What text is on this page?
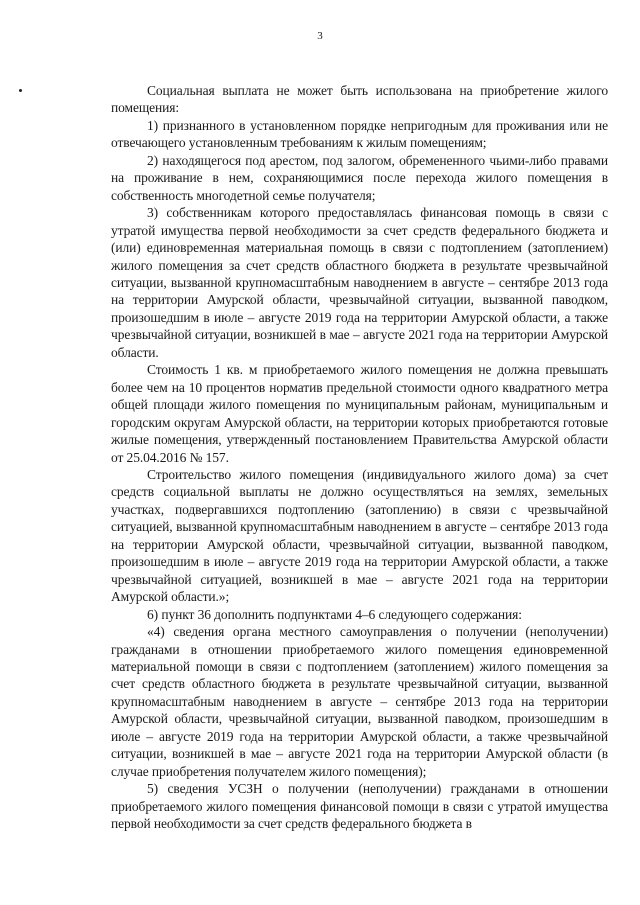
3

Социальная выплата не может быть использована на приобретение жилого помещения:

1) признанного в установленном порядке непригодным для проживания или не отвечающего установленным требованиям к жилым помещениям;

2) находящегося под арестом, под залогом, обремененного чьими-либо правами на проживание в нем, сохраняющимися после перехода жилого помещения в собственность многодетной семье получателя;

3) собственникам которого предоставлялась финансовая помощь в связи с утратой имущества первой необходимости за счет средств федерального бюджета и (или) единовременная материальная помощь в связи с подтоплением (затоплением) жилого помещения за счет средств областного бюджета в результате чрезвычайной ситуации, вызванной крупномасштабным наводнением в августе – сентябре 2013 года на территории Амурской области, чрезвычайной ситуации, вызванной паводком, произошедшим в июле – августе 2019 года на территории Амурской области, а также чрезвычайной ситуации, возникшей в мае – августе 2021 года на территории Амурской области.

Стоимость 1 кв. м приобретаемого жилого помещения не должна превышать более чем на 10 процентов норматив предельной стоимости одного квадратного метра общей площади жилого помещения по муниципальным районам, муниципальным и городским округам Амурской области, на территории которых приобретаются готовые жилые помещения, утвержденный постановлением Правительства Амурской области от 25.04.2016 № 157.

Строительство жилого помещения (индивидуального жилого дома) за счет средств социальной выплаты не должно осуществляться на землях, земельных участках, подвергавшихся подтоплению (затоплению) в связи с чрезвычайной ситуацией, вызванной крупномасштабным наводнением в августе – сентябре 2013 года на территории Амурской области, чрезвычайной ситуации, вызванной паводком, произошедшим в июле – августе 2019 года на территории Амурской области, а также чрезвычайной ситуацией, возникшей в мае – августе 2021 года на территории Амурской области.»;

6) пункт 36 дополнить подпунктами 4–6 следующего содержания:

«4) сведения органа местного самоуправления о получении (неполучении) гражданами в отношении приобретаемого жилого помещения единовременной материальной помощи в связи с подтоплением (затоплением) жилого помещения за счет средств областного бюджета в результате чрезвычайной ситуации, вызванной крупномасштабным наводнением в августе – сентябре 2013 года на территории Амурской области, чрезвычайной ситуации, вызванной паводком, произошедшим в июле – августе 2019 года на территории Амурской области, а также чрезвычайной ситуации, возникшей в мае – августе 2021 года на территории Амурской области (в случае приобретения получателем жилого помещения);

5) сведения УСЗН о получении (неполучении) гражданами в отношении приобретаемого жилого помещения финансовой помощи в связи с утратой имущества первой необходимости за счет средств федерального бюджета в
